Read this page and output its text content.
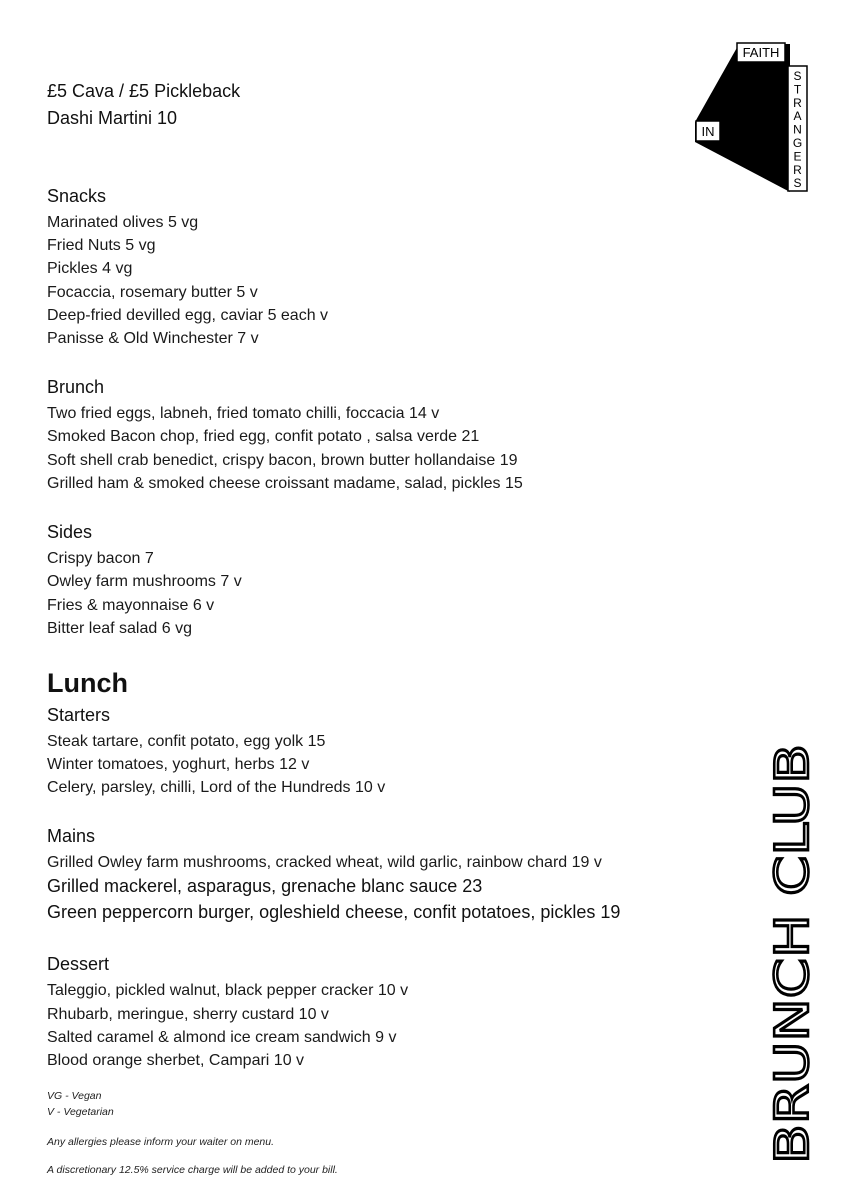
£5 Cava / £5 Pickleback
Dashi Martini 10
FAITH
IN
S T R A N G E R S
BRUNCH CLUB
Snacks
Marinated olives 5 vg
Fried Nuts 5 vg
Pickles 4 vg
Focaccia, rosemary butter 5 v
Deep-fried devilled egg, caviar 5 each v
Panisse & Old Winchester 7 v
Brunch
Two fried eggs, labneh, fried tomato chilli, foccacia 14 v
Smoked Bacon chop, fried egg, confit potato , salsa verde 21
Soft shell crab benedict, crispy bacon, brown butter hollandaise 19
Grilled ham & smoked cheese croissant madame, salad, pickles 15
Sides
Crispy bacon 7
Owley farm mushrooms 7 v
Fries & mayonnaise 6 v
Bitter leaf salad 6 vg
Lunch
Starters
Steak tartare, confit potato, egg yolk 15
Winter tomatoes, yoghurt, herbs 12 v
Celery, parsley, chilli, Lord of the Hundreds 10 v
Mains
Grilled Owley farm mushrooms, cracked wheat, wild garlic, rainbow chard 19 v
Grilled mackerel, asparagus, grenache blanc sauce 23
Green peppercorn burger, ogleshield cheese, confit potatoes, pickles 19
Dessert
Taleggio, pickled walnut, black pepper cracker 10 v
Rhubarb, meringue, sherry custard 10 v
Salted caramel & almond ice cream sandwich 9 v
Blood orange sherbet, Campari 10 v
VG - Vegan
V - Vegetarian
Any allergies please inform your waiter on menu.
A discretionary 12.5% service charge will be added to your bill.
